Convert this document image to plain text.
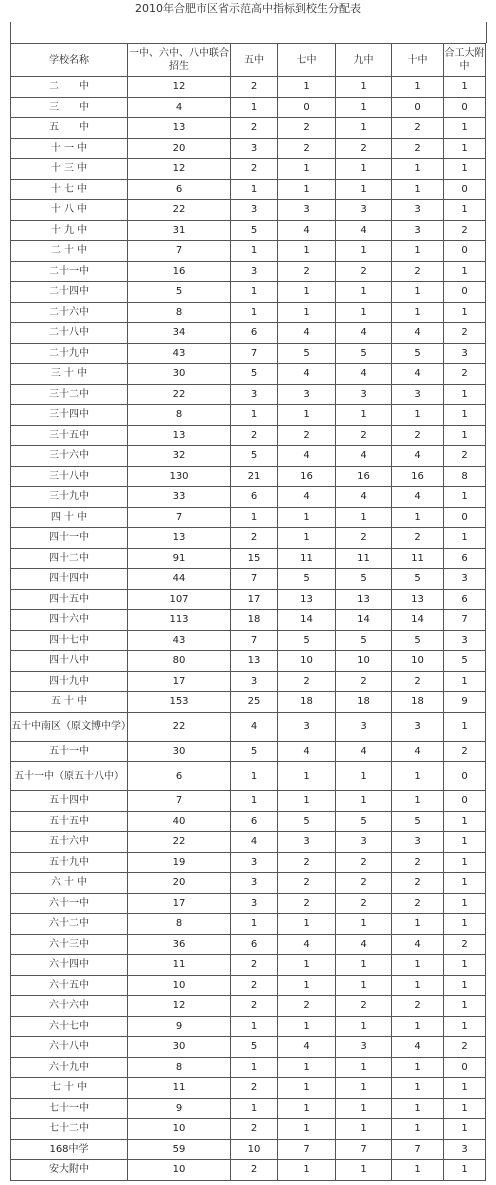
2010年合肥市区省示范高中指标到校生分配表
学校名称	一中、六中、八中联合招生	五中	七中	九中	十中	合工大附　中
二　　中	12	2	1	1	1	1
三　　中	4	1	0	1	0	0
五　　中	13	2	2	1	2	1
十 一 中	20	3	2	2	2	1
十 三 中	12	2	1	1	1	1
十 七 中	6	1	1	1	1	0
十 八 中	22	3	3	3	3	1
十 九 中	31	5	4	4	3	2
二 十 中	7	1	1	1	1	0
二十一中	16	3	2	2	2	1
二十四中	5	1	1	1	1	0
二十六中	8	1	1	1	1	1
二十八中	34	6	4	4	4	2
二十九中	43	7	5	5	5	3
三 十 中	30	5	4	4	4	2
三十二中	22	3	3	3	3	1
三十四中	8	1	1	1	1	1
三十五中	13	2	2	2	2	1
三十六中	32	5	4	4	4	2
三十八中	130	21	16	16	16	8
三十九中	33	6	4	4	4	1
四 十 中	7	1	1	1	1	0
四十一中	13	2	1	2	2	1
四十二中	91	15	11	11	11	6
四十四中	44	7	5	5	5	3
四十五中	107	17	13	13	13	6
四十六中	113	18	14	14	14	7
四十七中	43	7	5	5	5	3
四十八中	80	13	10	10	10	5
四十九中	17	3	2	2	2	1
五 十 中	153	25	18	18	18	9
五十中南区（原文博中学）	22	4	3	3	3	1
五十一中	30	5	4	4	4	2
五十一中（原五十八中）	6	1	1	1	1	0
五十四中	7	1	1	1	1	0
五十五中	40	6	5	5	5	1
五十六中	22	4	3	3	3	1
五十九中	19	3	2	2	2	1
六 十 中	20	3	2	2	2	1
六十一中	17	3	2	2	2	1
六十二中	8	1	1	1	1	1
六十三中	36	6	4	4	4	2
六十四中	11	2	1	1	1	1
六十五中	10	2	1	1	1	1
六十六中	12	2	2	2	2	1
六十七中	9	1	1	1	1	1
六十八中	30	5	4	3	4	2
六十九中	8	1	1	1	1	0
七 十 中	11	2	1	1	1	1
七十一中	9	1	1	1	1	1
七十二中	10	2	1	1	1	1
168中学	59	10	7	7	7	3
安大附中	10	2	1	1	1	1
